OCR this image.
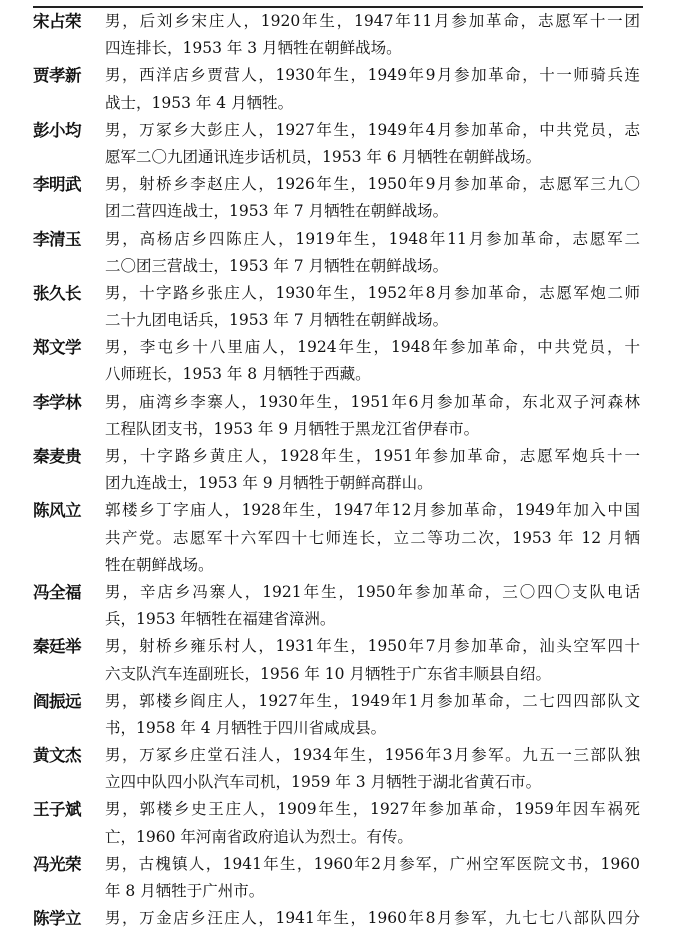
宋占荣 男，后刘乡宋庄人，1920年生，1947年11月参加革命，志愿军十一团
四连排长，1953 年 3 月牺牲在朝鲜战场。
贾孝新 男，西洋店乡贾营人，1930年生，1949年9月参加革命，十一师骑兵连
战士，1953 年 4 月牺牲。
彭小均 男，万冢乡大彭庄人，1927年生，1949年4月参加革命，中共党员，志
愿军二〇九团通讯连步话机员，1953 年 6 月牺牲在朝鲜战场。
李明武 男，射桥乡李赵庄人，1926年生，1950年9月参加革命，志愿军三九〇
团二营四连战士，1953 年 7 月牺牲在朝鲜战场。
李清玉 男，高杨店乡四陈庄人，1919年生，1948年11月参加革命，志愿军二
二〇团三营战士，1953 年 7 月牺牲在朝鲜战场。
张久长 男，十字路乡张庄人，1930年生，1952年8月参加革命，志愿军炮二师
二十九团电话兵，1953 年 7 月牺牲在朝鲜战场。
郑文学 男，李屯乡十八里庙人，1924年生，1948年参加革命，中共党员，十
八师班长，1953 年 8 月牺牲于西藏。
李学林 男，庙湾乡李寨人，1930年生，1951年6月参加革命，东北双子河森林
工程队团支书，1953 年 9 月牺牲于黑龙江省伊春市。
秦麦贵 男，十字路乡黄庄人，1928年生，1951年参加革命，志愿军炮兵十一
团九连战士，1953 年 9 月牺牲于朝鲜高群山。
陈风立 郭楼乡丁字庙人，1928年生，1947年12月参加革命，1949年加入中国
共产党。志愿军十六军四十七师连长，立二等功二次，1953 年 12 月牺
牲在朝鲜战场。
冯全福 男，辛店乡冯寨人，1921年生，1950年参加革命，三〇四〇支队电话
兵，1953 年牺牲在福建省漳洲。
秦廷举 男，射桥乡雍乐村人，1931年生，1950年7月参加革命，汕头空军四十
六支队汽车连副班长，1956 年 10 月牺牲于广东省丰顺县自绍。
阎振远 男，郭楼乡阎庄人，1927年生，1949年1月参加革命，二七四四部队文
书，1958 年 4 月牺牲于四川省咸成县。
黄文杰 男，万冢乡庄堂石洼人，1934年生，1956年3月参军。九五一三部队独
立四中队四小队汽车司机，1959 年 3 月牺牲于湖北省黄石市。
王子斌 男，郭楼乡史王庄人，1909年生，1927年参加革命，1959年因车祸死
亡，1960 年河南省政府追认为烈士。有传。
冯光荣 男，古槐镇人，1941年生，1960年2月参军，广州空军医院文书，1960
年 8 月牺牲于广州市。
陈学立 男，万金店乡汪庄人，1941年生，1960年8月参军，九七七八部队四分
